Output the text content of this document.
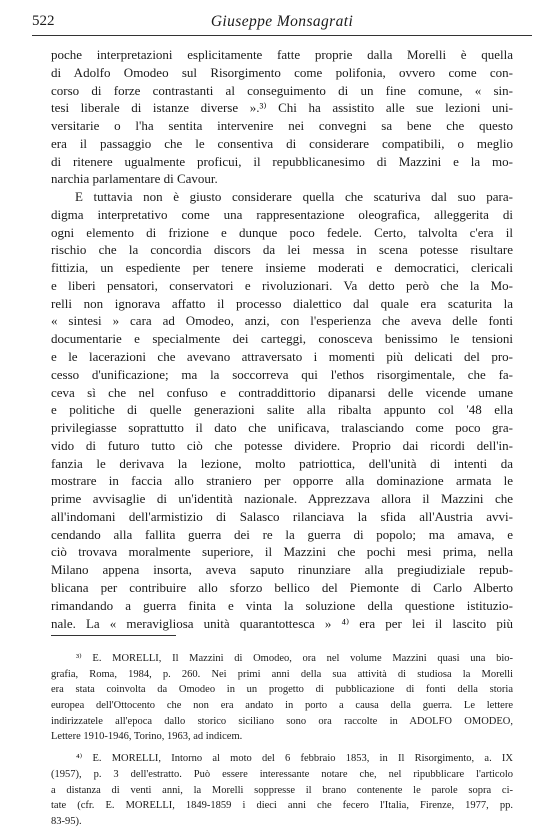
522	Giuseppe Monsagrati
poche interpretazioni esplicitamente fatte proprie dalla Morelli è quella
di Adolfo Omodeo sul Risorgimento come polifonia, ovvero come con-
corso di forze contrastanti al conseguimento di un fine comune, « sin-
tesi liberale di istanze diverse ».³⁾ Chi ha assistito alle sue lezioni uni-
versitarie o l'ha sentita intervenire nei convegni sa bene che questo
era il passaggio che le consentiva di considerare compatibili, o meglio
di ritenere ugualmente proficui, il repubblicanesimo di Mazzini e la mo-
narchia parlamentare di Cavour.
E tuttavia non è giusto considerare quella che scaturiva dal suo para-
digma interpretativo come una rappresentazione oleografica, alleggerita di
ogni elemento di frizione e dunque poco fedele. Certo, talvolta c'era il
rischio che la concordia discors da lei messa in scena potesse risultare
fittizia, un espediente per tenere insieme moderati e democratici, clericali
e liberi pensatori, conservatori e rivoluzionari. Va detto però che la Mo-
relli non ignorava affatto il processo dialettico dal quale era scaturita la
« sintesi » cara ad Omodeo, anzi, con l'esperienza che aveva delle fonti
documentarie e specialmente dei carteggi, conosceva benissimo le tensioni
e le lacerazioni che avevano attraversato i momenti più delicati del pro-
cesso d'unificazione; ma la soccorreva qui l'ethos risorgimentale, che fa-
ceva sì che nel confuso e contraddittorio dipanarsi delle vicende umane
e politiche di quelle generazioni salite alla ribalta appunto col '48 ella
privilegiasse soprattutto il dato che unificava, tralasciando come poco gra-
vido di futuro tutto ciò che potesse dividere. Proprio dai ricordi dell'in-
fanzia le derivava la lezione, molto patriottica, dell'unità di intenti da
mostrare in faccia allo straniero per opporre alla dominazione armata le
prime avvisaglie di un'identità nazionale. Apprezzava allora il Mazzini che
all'indomani dell'armistizio di Salasco rilanciava la sfida all'Austria avvi-
cendando alla fallita guerra dei re la guerra di popolo; ma amava, e
ciò trovava moralmente superiore, il Mazzini che pochi mesi prima, nella
Milano appena insorta, aveva saputo rinunziare alla pregiudiziale repub-
blicana per contribuire allo sforzo bellico del Piemonte di Carlo Alberto
rimandando a guerra finita e vinta la soluzione della questione istituzio-
nale. La « meravigliosa unità quarantottesca » ⁴⁾ era per lei il lascito più
³⁾ E. MORELLI, Il Mazzini di Omodeo, ora nel volume Mazzini quasi una bio-
grafia, Roma, 1984, p. 260. Nei primi anni della sua attività di studiosa la Morelli
era stata coinvolta da Omodeo in un progetto di pubblicazione di fonti della storia
europea dell'Ottocento che non era andato in porto a causa della guerra. Le lettere
indirizzatele all'epoca dallo storico siciliano sono ora raccolte in ADOLFO OMODEO,
Lettere 1910-1946, Torino, 1963, ad indicem.
⁴⁾ E. MORELLI, Intorno al moto del 6 febbraio 1853, in Il Risorgimento, a. IX
(1957), p. 3 dell'estratto. Può essere interessante notare che, nel ripubblicare l'articolo
a distanza di venti anni, la Morelli soppresse il brano contenente le parole sopra ci-
tate (cfr. E. MORELLI, 1849-1859 i dieci anni che fecero l'Italia, Firenze, 1977, pp.
83-95).
